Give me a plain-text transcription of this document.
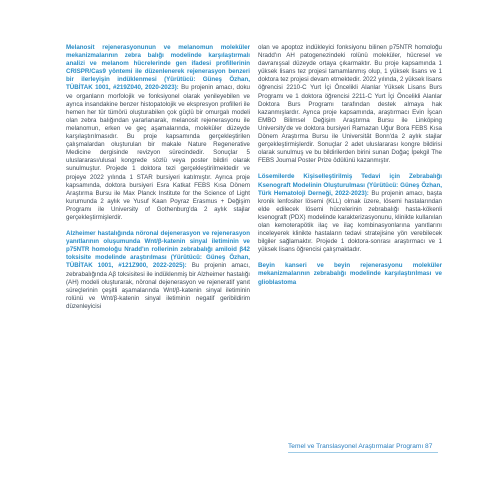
Melanosit rejenerasyonunun ve melanomun moleküler mekanizmalarının zebra balığı modelinde karşılaştırmalı analizi ve melanom hücrelerinde gen ifadesi profillerinin CRISPR/Cas9 yöntemi ile düzenlenerek rejenerasyon benzeri bir ilerleyişin indüklenmesi (Yürütücü: Güneş Özhan, TÜBİTAK 1001, #219Z040, 2020-2023): Bu projenin amacı, doku ve organların morfolojik ve fonksiyonel olarak yenileyebilen ve ayrıca insandakine benzer histopatolojik ve ekspresyon profilleri ile hemen her tür tümörü oluşturabilen çok güçlü bir omurgalı modeli olan zebra balığından yararlanarak, melanosit rejenerasyonu ile melanomun, erken ve geç aşamalarında, moleküler düzeyde karşılaştırılmasıdır. Bu proje kapsamında gerçekleştirilen çalışmalardan oluşturulan bir makale Nature Regenerative Medicine dergisinde revizyon sürecindedir. Sonuçlar 5 uluslararası/ulusal kongrede sözlü veya poster bildiri olarak sunulmuştur. Projede 1 doktora tezi gerçekleştirilmektedir ve projeye 2022 yılında 1 STAR bursiyeri katılmıştır. Ayrıca proje kapsamında, doktora bursiyeri Esra Katkat FEBS Kısa Dönem Araştırma Bursu ile Max Planck Institute for the Science of Light kurumunda 2 aylık ve Yusuf Kaan Poyraz Erasmus + Değişim Programı ile University of Gothenburg'da 2 aylık stajlar gerçekleştirmişlerdir.

Alzheimer hastalığında nöronal dejenerasyon ve rejenerasyon yanıtlarının oluşumunda Wnt/β-katenin sinyal iletiminin ve p75NTR homoloğu Nradd'ın rollerinin zebrabalığı amiloid β42 toksisite modelinde araştırılması (Yürütücü: Güneş Özhan, TÜBİTAK 1001, #121Z900, 2022-2025): Bu projenin amacı, zebrabalığında Aβ toksisitesi ile indüklenmiş bir Alzheimer hastalığı (AH) modeli oluşturarak, nöronal dejenerasyon ve rejeneratif yanıt süreçlerinin çeşitli aşamalarında Wnt/β-katenin sinyal iletiminin rolünü ve Wnt/β-katenin sinyal iletiminin negatif geribildirim düzenleyicisi

olan ve apoptoz indükleyici fonksiyonu bilinen p75NTR homoloğu Nradd'ın AH patogenezindeki rolünü moleküler, hücresel ve davranışsal düzeyde ortaya çıkarmaktır. Bu proje kapsamında 1 yüksek lisans tez projesi tamamlanmış olup, 1 yüksek lisans ve 1 doktora tez projesi devam etmektedir. 2022 yılında, 2 yüksek lisans öğrencisi 2210-C Yurt İçi Öncelikli Alanlar Yüksek Lisans Burs Programı ve 1 doktora öğrencisi 2211-C Yurt İçi Öncelikli Alanlar Doktora Burs Programı tarafından destek almaya hak kazanmışlardır. Ayrıca proje kapsamında, araştırmacı Evin İşcan EMBO Bilimsel Değişim Araştırma Bursu ile Linköping University'de ve doktora bursiyeri Ramazan Uğur Bora FEBS Kısa Dönem Araştırma Bursu ile Universität Bonn'da 2 aylık stajlar gerçekleştirmişlerdir. Sonuçlar 2 adet uluslararası kongre bildirisi olarak sunulmuş ve bu bildirilerden birini sunan Doğaç İpekgil The FEBS Journal Poster Prize ödülünü kazanmıştır.

Lösemilerde Kişiselleştirilmiş Tedavi için Zebrabalığı Ksenograft Modelinin Oluşturulması (Yürütücü: Güneş Özhan, Türk Hematoloji Derneği, 2022-2023): Bu projenin amacı, başta kronik lenfositer lösemi (KLL) olmak üzere, lösemi hastalarından elde edilecek lösemi hücrelerinin zebrabalığı hasta-kökenli ksenograft (PDX) modelinde karakterizasyonunu, klinikte kullanılan olan kemoterapötik ilaç ve ilaç kombinasyonlarına yanıtlarını inceleyerek klinikte hastaların tedavi stratejisine yön verebilecek bilgiler sağlamaktır. Projede 1 doktora-sonrası araştırmacı ve 1 yüksek lisans öğrencisi çalışmaktadır.

Beyin kanseri ve beyin rejenerasyonu moleküler mekanizmalarının zebrabalığı modelinde karşılaştırılması ve glioblastoma

Temel ve Translasyonel Araştırmalar Programı 87
